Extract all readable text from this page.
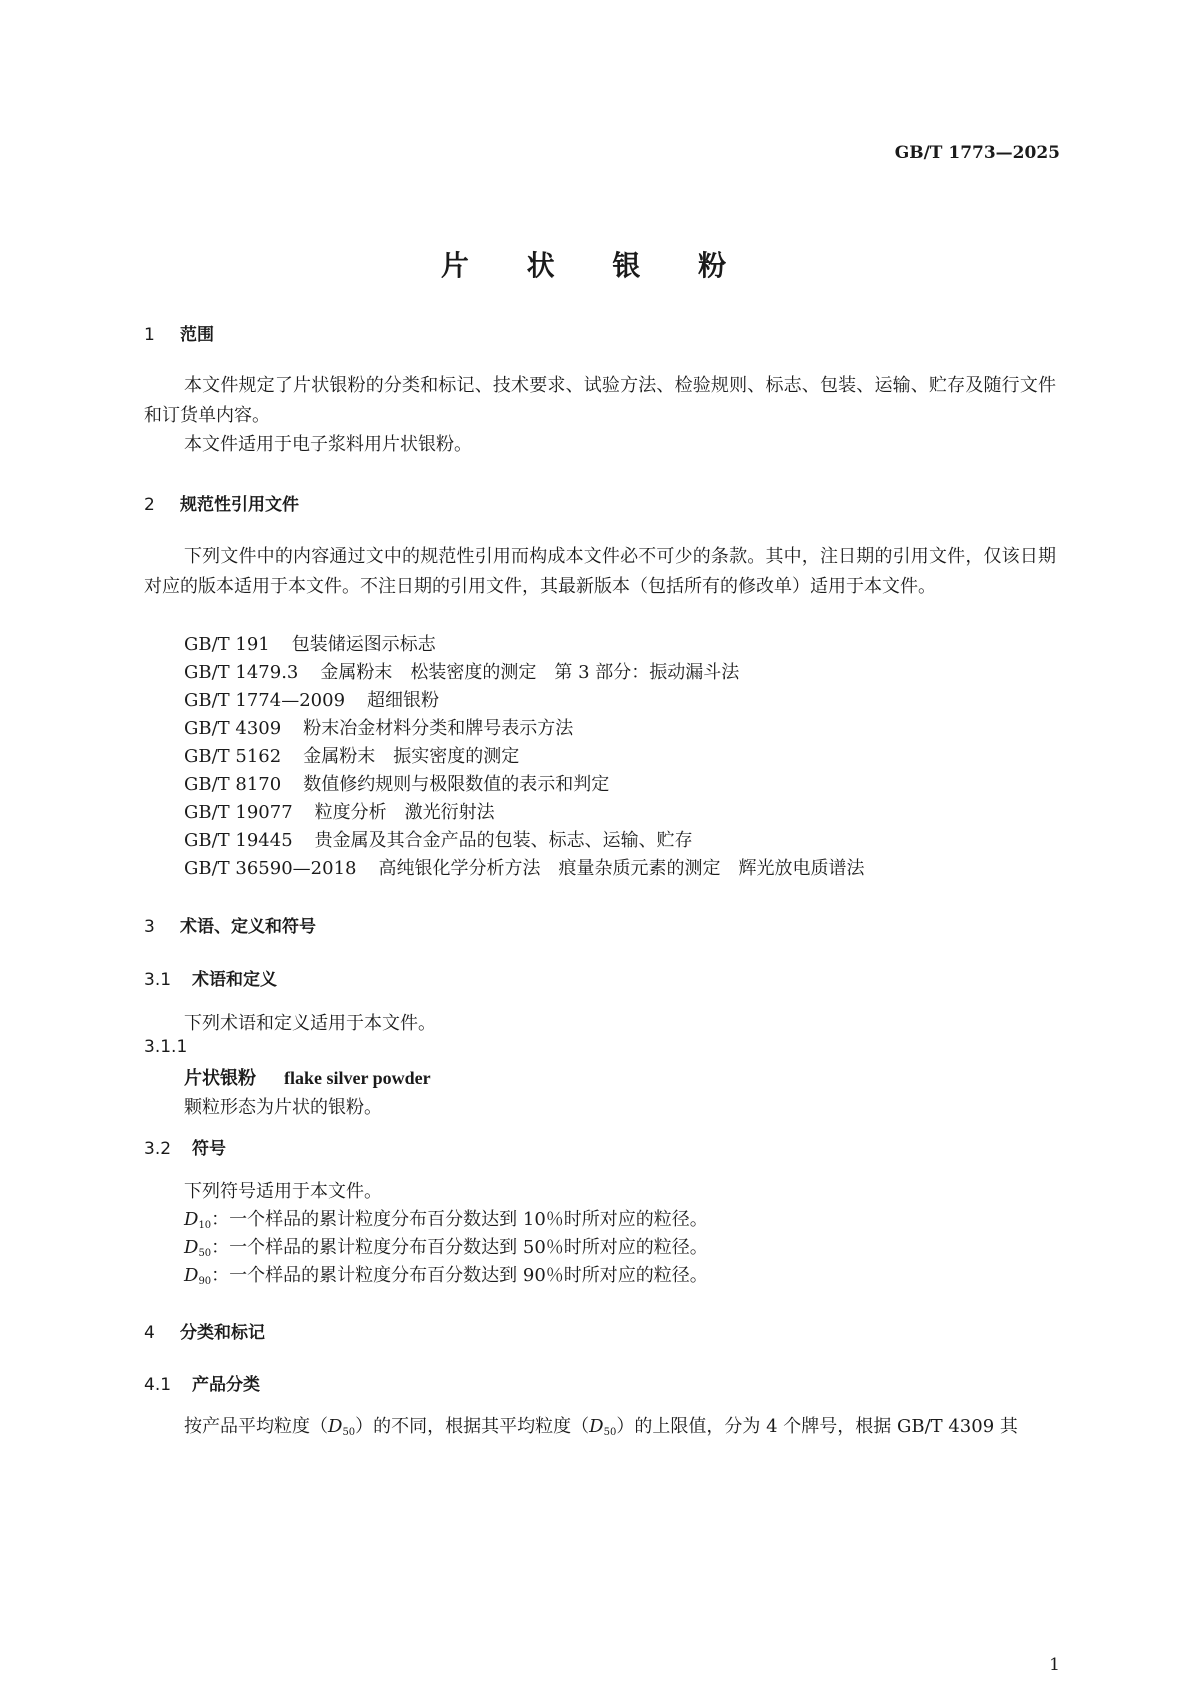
GB/T 1773—2025
片 状 银 粉
1 范围
本文件规定了片状银粉的分类和标记、技术要求、试验方法、检验规则、标志、包装、运输、贮存及随行文件和订货单内容。
本文件适用于电子浆料用片状银粉。
2 规范性引用文件
下列文件中的内容通过文中的规范性引用而构成本文件必不可少的条款。其中，注日期的引用文件，仅该日期对应的版本适用于本文件。不注日期的引用文件，其最新版本（包括所有的修改单）适用于本文件。
GB/T 191 包装储运图示标志
GB/T 1479.3 金属粉末　松装密度的测定　第 3 部分：振动漏斗法
GB/T 1774—2009 超细银粉
GB/T 4309 粉末冶金材料分类和牌号表示方法
GB/T 5162 金属粉末　振实密度的测定
GB/T 8170 数值修约规则与极限数值的表示和判定
GB/T 19077 粒度分析　激光衍射法
GB/T 19445 贵金属及其合金产品的包装、标志、运输、贮存
GB/T 36590—2018 高纯银化学分析方法　痕量杂质元素的测定　辉光放电质谱法
3 术语、定义和符号
3.1 术语和定义
下列术语和定义适用于本文件。
3.1.1
片状银粉 flake silver powder
颗粒形态为片状的银粉。
3.2 符号
下列符号适用于本文件。
$D_{10}$：一个样品的累计粒度分布百分数达到 10％时所对应的粒径。
$D_{50}$：一个样品的累计粒度分布百分数达到 50％时所对应的粒径。
$D_{90}$：一个样品的累计粒度分布百分数达到 90％时所对应的粒径。
4 分类和标记
4.1 产品分类
按产品平均粒度$(D_{50})$的不同，根据其平均粒度$(D_{50})$的上限值，分为 4 个牌号，根据 GB/T 4309 其
1
